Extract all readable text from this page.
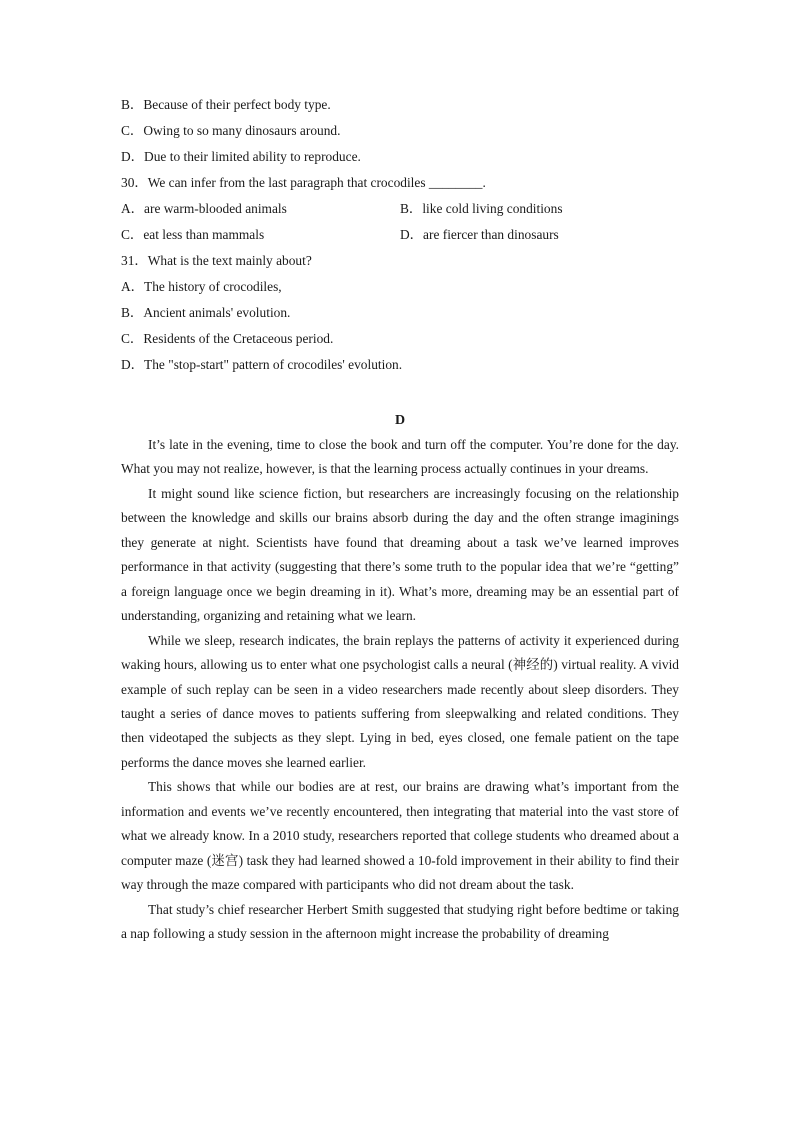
B．Because of their perfect body type.
C．Owing to so many dinosaurs around.
D．Due to their limited ability to reproduce.
30．We can infer from the last paragraph that crocodiles ________.
A．are warm-blooded animals	B．like cold living conditions
C．eat less than mammals	D．are fiercer than dinosaurs
31．What is the text mainly about?
A．The history of crocodiles,
B．Ancient animals' evolution.
C．Residents of the Cretaceous period.
D．The "stop-start" pattern of crocodiles' evolution.
D

It’s late in the evening, time to close the book and turn off the computer. You’re done for the day. What you may not realize, however, is that the learning process actually continues in your dreams.

It might sound like science fiction, but researchers are increasingly focusing on the relationship between the knowledge and skills our brains absorb during the day and the often strange imaginings they generate at night. Scientists have found that dreaming about a task we’ve learned improves performance in that activity (suggesting that there’s some truth to the popular idea that we’re “getting” a foreign language once we begin dreaming in it). What’s more, dreaming may be an essential part of understanding, organizing and retaining what we learn.

While we sleep, research indicates, the brain replays the patterns of activity it experienced during waking hours, allowing us to enter what one psychologist calls a neural (神经的) virtual reality. A vivid example of such replay can be seen in a video researchers made recently about sleep disorders. They taught a series of dance moves to patients suffering from sleepwalking and related conditions. They then videotaped the subjects as they slept. Lying in bed, eyes closed, one female patient on the tape performs the dance moves she learned earlier.

This shows that while our bodies are at rest, our brains are drawing what’s important from the information and events we’ve recently encountered, then integrating that material into the vast store of what we already know. In a 2010 study, researchers reported that college students who dreamed about a computer maze (迷宫) task they had learned showed a 10-fold improvement in their ability to find their way through the maze compared with participants who did not dream about the task.

That study’s chief researcher Herbert Smith suggested that studying right before bedtime or taking a nap following a study session in the afternoon might increase the probability of dreaming
